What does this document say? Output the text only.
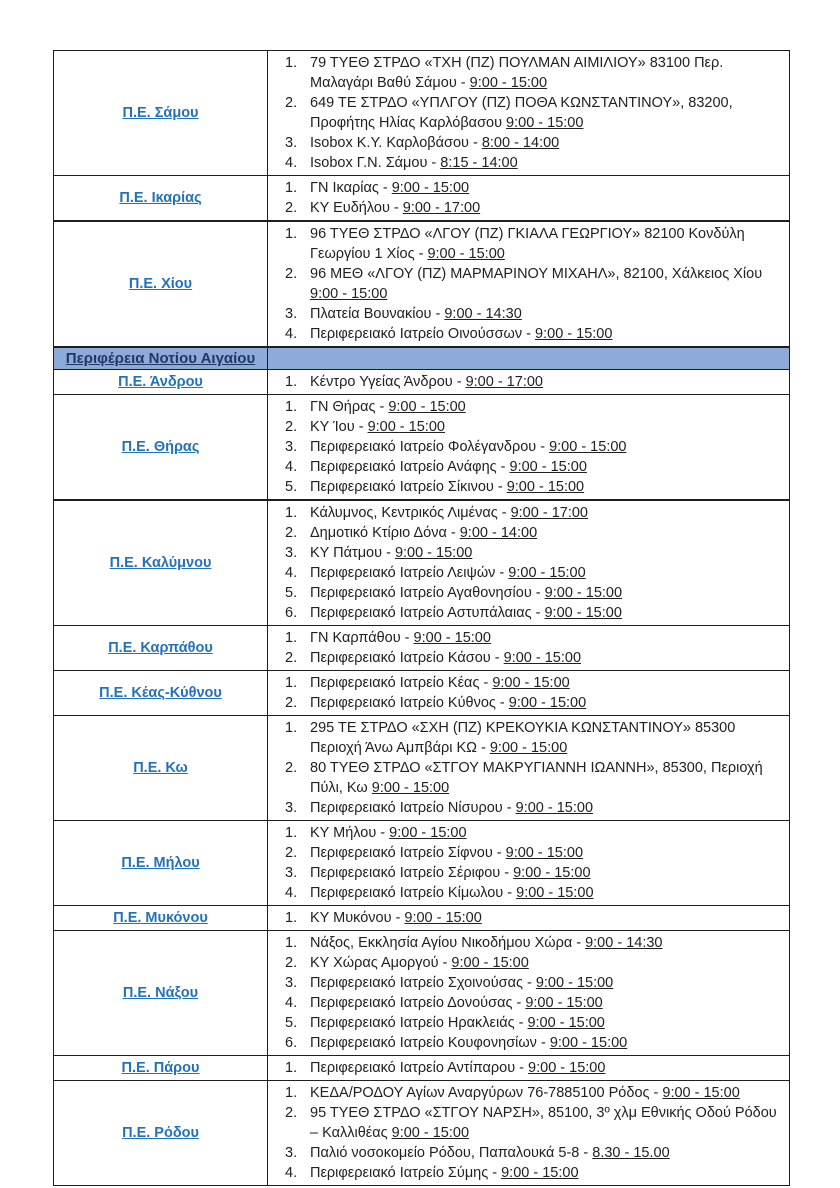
Π.Ε. Σάμου
1. 79 ΤΥΕΘ ΣΤΡΔΟ «ΤΧΗ (ΠΖ) ΠΟΥΛΜΑΝ ΑΙΜΙΛΙΟΥ» 83100 Περ. Μαλαγάρι Βαθύ Σάμου - 9:00 - 15:00
2. 649 ΤΕ ΣΤΡΔΟ «ΥΠΛΓΟΥ (ΠΖ) ΠΟΘΑ ΚΩΝΣΤΑΝΤΙΝΟΥ», 83200, Προφήτης Ηλίας Καρλόβασου 9:00 - 15:00
3. Isobox Κ.Υ. Καρλοβάσου - 8:00 - 14:00
4. Isobox Γ.Ν. Σάμου - 8:15 - 14:00
Π.Ε. Ικαρίας
1. ΓΝ Ικαρίας - 9:00 - 15:00
2. ΚΥ Ευδήλου - 9:00 - 17:00
Π.Ε. Χίου
1. 96 ΤΥΕΘ ΣΤΡΔΟ «ΛΓΟΥ (ΠΖ) ΓΚΙΑΛΑ ΓΕΩΡΓΙΟΥ» 82100 Κονδύλη Γεωργίου 1 Χίος - 9:00 - 15:00
2. 96 ΜΕΘ «ΛΓΟΥ (ΠΖ) ΜΑΡΜΑΡΙΝΟΥ ΜΙΧΑΗΛ», 82100, Χάλκειος Χίου 9:00 - 15:00
3. Πλατεία Βουνακίου - 9:00 - 14:30
4. Περιφερειακό Ιατρείο Οινούσσων - 9:00 - 15:00
Περιφέρεια Νοτίου Αιγαίου
Π.Ε. Άνδρου	1. Κέντρο Υγείας Άνδρου - 9:00 - 17:00
Π.Ε. Θήρας
1. ΓΝ Θήρας - 9:00 - 15:00
2. ΚΥ Ίου - 9:00 - 15:00
3. Περιφερειακό Ιατρείο Φολέγανδρου - 9:00 - 15:00
4. Περιφερειακό Ιατρείο Ανάφης - 9:00 - 15:00
5. Περιφερειακό Ιατρείο Σίκινου - 9:00 - 15:00
Π.Ε. Καλύμνου
1. Κάλυμνος, Κεντρικός Λιμένας - 9:00 - 17:00
2. Δημοτικό Κτίριο Δόνα - 9:00 - 14:00
3. ΚΥ Πάτμου - 9:00 - 15:00
4. Περιφερειακό Ιατρείο Λειψών - 9:00 - 15:00
5. Περιφερειακό Ιατρείο Αγαθονησίου - 9:00 - 15:00
6. Περιφερειακό Ιατρείο Αστυπάλαιας - 9:00 - 15:00
Π.Ε. Καρπάθου
1. ΓΝ Καρπάθου - 9:00 - 15:00
2. Περιφερειακό Ιατρείο Κάσου - 9:00 - 15:00
Π.Ε. Κέας-Κύθνου
1. Περιφερειακό Ιατρείο Κέας - 9:00 - 15:00
2. Περιφερειακό Ιατρείο Κύθνος - 9:00 - 15:00
Π.Ε. Κω
1. 295 ΤΕ ΣΤΡΔΟ «ΣΧΗ (ΠΖ) ΚΡΕΚΟΥΚΙΑ ΚΩΝΣΤΑΝΤΙΝΟΥ» 85300 Περιοχή Άνω Αμπβάρι ΚΩ - 9:00 - 15:00
2. 80 ΤΥΕΘ ΣΤΡΔΟ «ΣΤΓΟΥ ΜΑΚΡΥΓΙΑΝΝΗ ΙΩΑΝΝΗ», 85300, Περιοχή Πύλι, Κω 9:00 - 15:00
3. Περιφερειακό Ιατρείο Νίσυρου - 9:00 - 15:00
Π.Ε. Μήλου
1. ΚΥ Μήλου - 9:00 - 15:00
2. Περιφερειακό Ιατρείο Σίφνου - 9:00 - 15:00
3. Περιφερειακό Ιατρείο Σέριφου - 9:00 - 15:00
4. Περιφερειακό Ιατρείο Κίμωλου - 9:00 - 15:00
Π.Ε. Μυκόνου	1. ΚΥ Μυκόνου - 9:00 - 15:00
Π.Ε. Νάξου
1. Νάξος, Εκκλησία Αγίου Νικοδήμου Χώρα - 9:00 - 14:30
2. ΚΥ Χώρας Αμοργού - 9:00 - 15:00
3. Περιφερειακό Ιατρείο Σχοινούσας - 9:00 - 15:00
4. Περιφερειακό Ιατρείο Δονούσας - 9:00 - 15:00
5. Περιφερειακό Ιατρείο Ηρακλειάς - 9:00 - 15:00
6. Περιφερειακό Ιατρείο Κουφονησίων - 9:00 - 15:00
Π.Ε. Πάρου	1. Περιφερειακό Ιατρείο Αντίπαρου - 9:00 - 15:00
Π.Ε. Ρόδου
1. ΚΕΔΑ/ΡΟΔΟΥ Αγίων Αναργύρων 76-7885100 Ρόδος - 9:00 - 15:00
2. 95 ΤΥΕΘ ΣΤΡΔΟ «ΣΤΓΟΥ ΝΑΡΣΗ», 85100, 3º χλμ Εθνικής Οδού Ρόδου – Καλλιθέας 9:00 - 15:00
3. Παλιό νοσοκομείο Ρόδου, Παπαλουκά 5-8 - 8.30 - 15.00
4. Περιφερειακό Ιατρείο Σύμης - 9:00 - 15:00
